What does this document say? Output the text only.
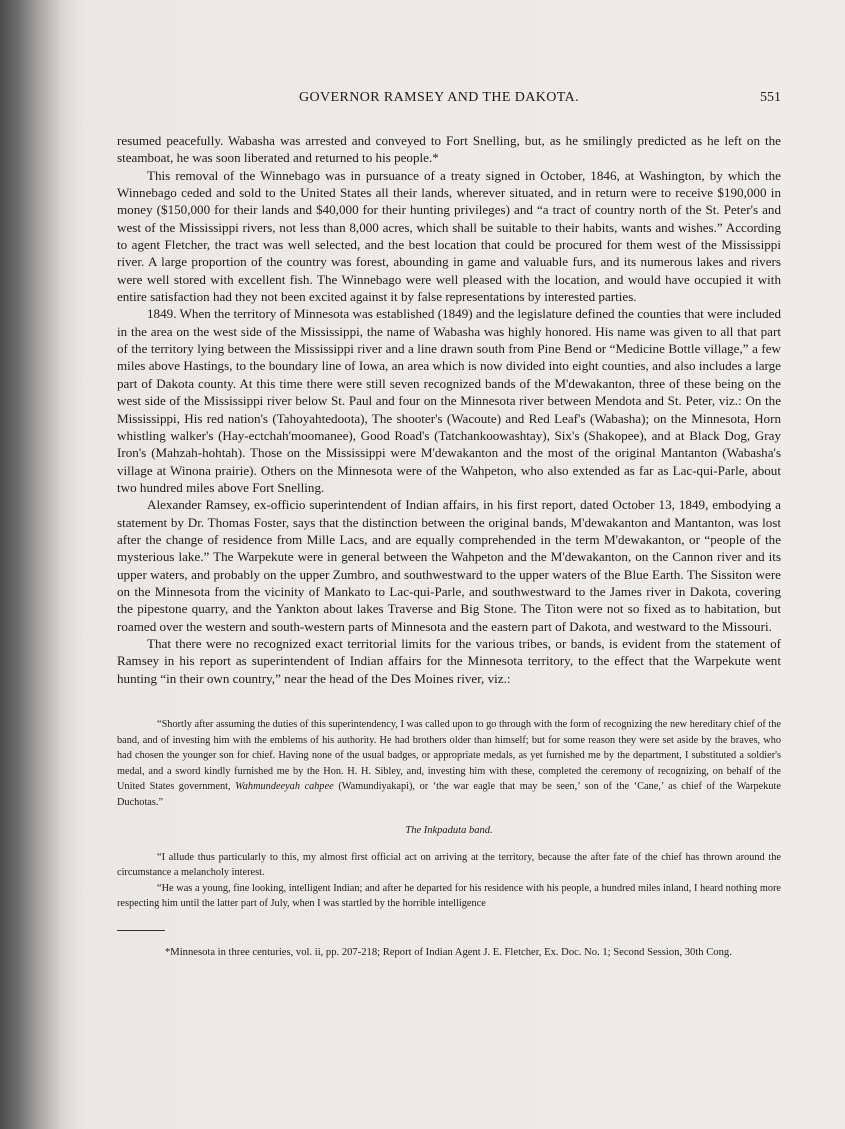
GOVERNOR RAMSEY AND THE DAKOTA.	551

resumed peacefully. Wabasha was arrested and conveyed to Fort Snelling, but, as he smilingly predicted as he left on the steamboat, he was soon liberated and returned to his people.*

This removal of the Winnebago was in pursuance of a treaty signed in October, 1846, at Washington, by which the Winnebago ceded and sold to the United States all their lands, wherever situated, and in return were to receive $190,000 in money ($150,000 for their lands and $40,000 for their hunting privileges) and “a tract of country north of the St. Peter's and west of the Mississippi rivers, not less than 8,000 acres, which shall be suitable to their habits, wants and wishes.” According to agent Fletcher, the tract was well selected, and the best location that could be procured for them west of the Mississippi river. A large proportion of the country was forest, abounding in game and valuable furs, and its numerous lakes and rivers were well stored with excellent fish. The Winnebago were well pleased with the location, and would have occupied it with entire satisfaction had they not been excited against it by false representations by interested parties.

1849. When the territory of Minnesota was established (1849) and the legislature defined the counties that were included in the area on the west side of the Mississippi, the name of Wabasha was highly honored. His name was given to all that part of the territory lying between the Mississippi river and a line drawn south from Pine Bend or “Medicine Bottle village,” a few miles above Hastings, to the boundary line of Iowa, an area which is now divided into eight counties, and also includes a large part of Dakota county. At this time there were still seven recognized bands of the M'dewakanton, three of these being on the west side of the Mississippi river below St. Paul and four on the Minnesota river between Mendota and St. Peter, viz.: On the Mississippi, His red nation's (Tahoyahtedoota), The shooter's (Wacoute) and Red Leaf's (Wabasha); on the Minnesota, Horn whistling walker's (Hay-ectchah'moomanee), Good Road's (Tatchankoowashtay), Six's (Shakopee), and at Black Dog, Gray Iron's (Mahzah-hohtah). Those on the Mississippi were M'dewakanton and the most of the original Mantanton (Wabasha's village at Winona prairie). Others on the Minnesota were of the Wahpeton, who also extended as far as Lac-qui-Parle, about two hundred miles above Fort Snelling.

Alexander Ramsey, ex-officio superintendent of Indian affairs, in his first report, dated October 13, 1849, embodying a statement by Dr. Thomas Foster, says that the distinction between the original bands, M'dewakanton and Mantanton, was lost after the change of residence from Mille Lacs, and are equally comprehended in the term M'dewakanton, or “people of the mysterious lake.” The Warpekute were in general between the Wahpeton and the M'dewakanton, on the Cannon river and its upper waters, and probably on the upper Zumbro, and southwestward to the upper waters of the Blue Earth. The Sissiton were on the Minnesota from the vicinity of Mankato to Lac-qui-Parle, and southwestward to the James river in Dakota, covering the pipestone quarry, and the Yankton about lakes Traverse and Big Stone. The Titon were not so fixed as to habitation, but roamed over the western and south-western parts of Minnesota and the eastern part of Dakota, and westward to the Missouri.

That there were no recognized exact territorial limits for the various tribes, or bands, is evident from the statement of Ramsey in his report as superintendent of Indian affairs for the Minnesota territory, to the effect that the Warpekute went hunting “in their own country,” near the head of the Des Moines river, viz.:

“Shortly after assuming the duties of this superintendency, I was called upon to go through with the form of recognizing the new hereditary chief of the band, and of investing him with the emblems of his authority. He had brothers older than himself; but for some reason they were set aside by the braves, who had chosen the younger son for chief. Having none of the usual badges, or appropriate medals, as yet furnished me by the department, I substituted a soldier's medal, and a sword kindly furnished me by the Hon. H. H. Sibley, and, investing him with these, completed the ceremony of recognizing, on behalf of the United States government, Wahmundeeyah cahpee (Wamundiyakapi), or ‘the war eagle that may be seen,’ son of the ‘Cane,’ as chief of the Warpekute Duchotas.”

The Inkpaduta band.

“I allude thus particularly to this, my almost first official act on arriving at the territory, because the after fate of the chief has thrown around the circumstance a melancholy interest.

“He was a young, fine looking, intelligent Indian; and after he departed for his residence with his people, a hundred miles inland, I heard nothing more respecting him until the latter part of July, when I was startled by the horrible intelligence

*Minnesota in three centuries, vol. ii, pp. 207-218; Report of Indian Agent J. E. Fletcher, Ex. Doc. No. 1; Second Session, 30th Cong.
